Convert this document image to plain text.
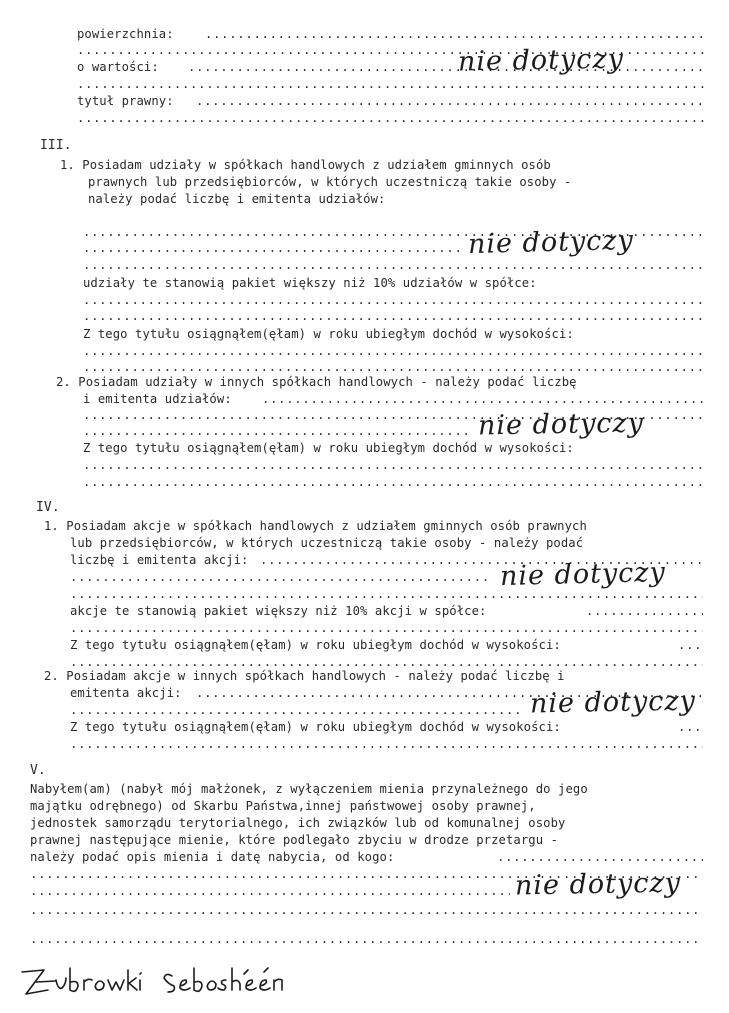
powierzchnia:
. . .
. . .
o wartości: . . .	nie dotyczy
. . .
tytuł prawny:
. . .
. . .
III.
1. Posiadam udziały w spółkach handlowych z udziałem gminnych osób
prawnych lub przedsiębiorców, w których uczestniczą takie osoby -
należy podać liczbę i emitenta udziałów:
. . .
nie dotyczy
. . .
. . .
udziały te stanowią pakiet większy niż 10% udziałów w spółce:
. . .
. . .
Z tego tytułu osiągnąłem(ęłam) w roku ubiegłym dochód w wysokości:
. . .
. . .
2. Posiadam udziały w innych spółkach handlowych - należy podać liczbę
i emitenta udziałów:
. . .
. . .
nie dotyczy
. . .
Z tego tytułu osiągnąłem(ęłam) w roku ubiegłym dochód w wysokości:
. . .
. . .
IV.
1. Posiadam akcje w spółkach handlowych z udziałem gminnych osób prawnych
lub przedsiębiorców, w których uczestniczą takie osoby - należy podać
liczbę i emitenta akcji: . . . . . .	nie dotyczy
. . .
akcje te stanowią pakiet większy niż 10% akcji w spółce:
. . .
. . .
Z tego tytułu osiągnąłem(ęłam) w roku ubiegłym dochód w wysokości:
. . .
. . .
2. Posiadam akcje w innych spółkach handlowych - należy podać liczbę i
emitenta akcji: . . .	nie dotyczy
. . .
Z tego tytułu osiągnąłem(ęłam) w roku ubiegłym dochód w wysokości:
. . .
. . .
V.
Nabyłem(am) (nabył mój małżonek, z wyłączeniem mienia przynależnego do jego
majątku odrębnego) od Skarbu Państwa,innej państwowej osoby prawnej,
jednostek samorządu terytorialnego, ich związków lub od komunalnej osoby
prawnej następujące mienie, które podlegało zbyciu w drodze przetargu -
należy podać opis mienia i datę nabycia, od kogo:
. . .
. . .
nie dotyczy
. . .
. . .
. . .
